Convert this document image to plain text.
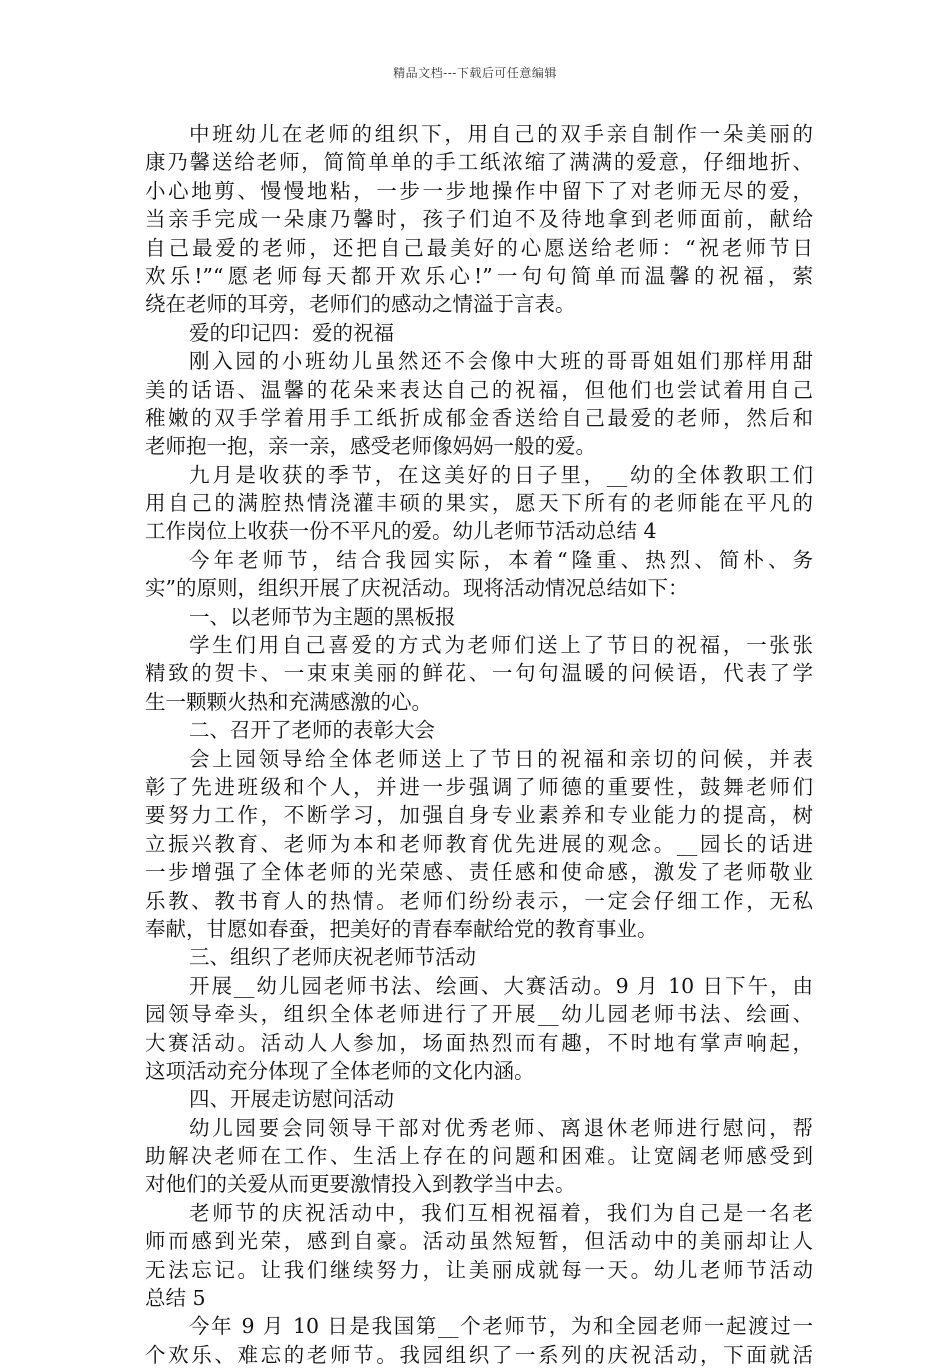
精品文档---下载后可任意编辑
中班幼儿在老师的组织下，用自己的双手亲自制作一朵美丽的
康乃馨送给老师，简简单单的手工纸浓缩了满满的爱意，仔细地折、
小心地剪、慢慢地粘，一步一步地操作中留下了对老师无尽的爱，
当亲手完成一朵康乃馨时，孩子们迫不及待地拿到老师面前，献给
自己最爱的老师，还把自己最美好的心愿送给老师：“祝老师节日
欢乐!”“愿老师每天都开欢乐心!”一句句简单而温馨的祝福，萦
绕在老师的耳旁，老师们的感动之情溢于言表。
爱的印记四：爱的祝福
刚入园的小班幼儿虽然还不会像中大班的哥哥姐姐们那样用甜
美的话语、温馨的花朵来表达自己的祝福，但他们也尝试着用自己
稚嫩的双手学着用手工纸折成郁金香送给自己最爱的老师，然后和
老师抱一抱，亲一亲，感受老师像妈妈一般的爱。
九月是收获的季节，在这美好的日子里，__幼的全体教职工们
用自己的满腔热情浇灌丰硕的果实，愿天下所有的老师能在平凡的
工作岗位上收获一份不平凡的爱。幼儿老师节活动总结 4
今年老师节，结合我园实际，本着“隆重、热烈、简朴、务
实”的原则，组织开展了庆祝活动。现将活动情况总结如下：
一、以老师节为主题的黑板报
学生们用自己喜爱的方式为老师们送上了节日的祝福，一张张
精致的贺卡、一束束美丽的鲜花、一句句温暖的问候语，代表了学
生一颗颗火热和充满感激的心。
二、召开了老师的表彰大会
会上园领导给全体老师送上了节日的祝福和亲切的问候，并表
彰了先进班级和个人，并进一步强调了师德的重要性，鼓舞老师们
要努力工作，不断学习，加强自身专业素养和专业能力的提高，树
立振兴教育、老师为本和老师教育优先进展的观念。__园长的话进
一步增强了全体老师的光荣感、责任感和使命感，激发了老师敬业
乐教、教书育人的热情。老师们纷纷表示，一定会仔细工作，无私
奉献，甘愿如春蚕，把美好的青春奉献给党的教育事业。
三、组织了老师庆祝老师节活动
开展__幼儿园老师书法、绘画、大赛活动。9 月 10 日下午，由
园领导牵头，组织全体老师进行了开展__幼儿园老师书法、绘画、
大赛活动。活动人人参加，场面热烈而有趣，不时地有掌声响起，
这项活动充分体现了全体老师的文化内涵。
四、开展走访慰问活动
幼儿园要会同领导干部对优秀老师、离退休老师进行慰问，帮
助解决老师在工作、生活上存在的问题和困难。让宽阔老师感受到
对他们的关爱从而更要激情投入到教学当中去。
老师节的庆祝活动中，我们互相祝福着，我们为自己是一名老
师而感到光荣，感到自豪。活动虽然短暂，但活动中的美丽却让人
无法忘记。让我们继续努力，让美丽成就每一天。幼儿老师节活动
总结 5
今年 9 月 10 日是我国第__个老师节，为和全园老师一起渡过一
个欢乐、难忘的老师节。我园组织了一系列的庆祝活动，下面就活
